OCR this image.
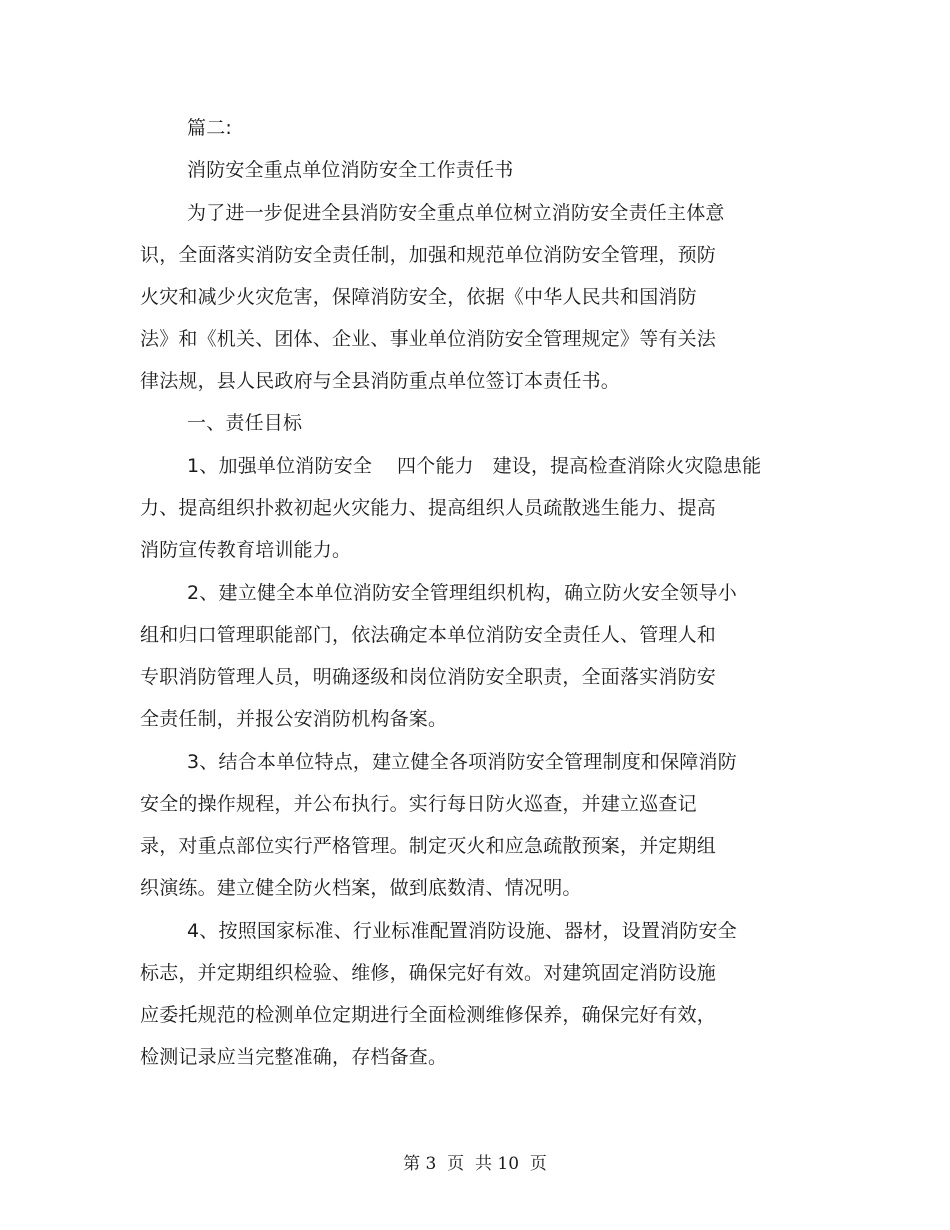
篇二:
消防安全重点单位消防安全工作责任书
为了进一步促进全县消防安全重点单位树立消防安全责任主体意
识，全面落实消防安全责任制，加强和规范单位消防安全管理，预防
火灾和减少火灾危害，保障消防安全，依据《中华人民共和国消防
法》和《机关、团体、企业、事业单位消防安全管理规定》等有关法
律法规，县人民政府与全县消防重点单位签订本责任书。
一、责任目标
1、加强单位消防安全    四个能力   建设，提高检查消除火灾隐患能
力、提高组织扑救初起火灾能力、提高组织人员疏散逃生能力、提高
消防宣传教育培训能力。
2、建立健全本单位消防安全管理组织机构，确立防火安全领导小
组和归口管理职能部门，依法确定本单位消防安全责任人、管理人和
专职消防管理人员，明确逐级和岗位消防安全职责，全面落实消防安
全责任制，并报公安消防机构备案。
3、结合本单位特点，建立健全各项消防安全管理制度和保障消防
安全的操作规程，并公布执行。实行每日防火巡查，并建立巡查记
录，对重点部位实行严格管理。制定灭火和应急疏散预案，并定期组
织演练。建立健全防火档案，做到底数清、情况明。
4、按照国家标准、行业标准配置消防设施、器材，设置消防安全
标志，并定期组织检验、维修，确保完好有效。对建筑固定消防设施
应委托规范的检测单位定期进行全面检测维修保养，确保完好有效，
检测记录应当完整准确，存档备查。
第 3  页  共 10  页
